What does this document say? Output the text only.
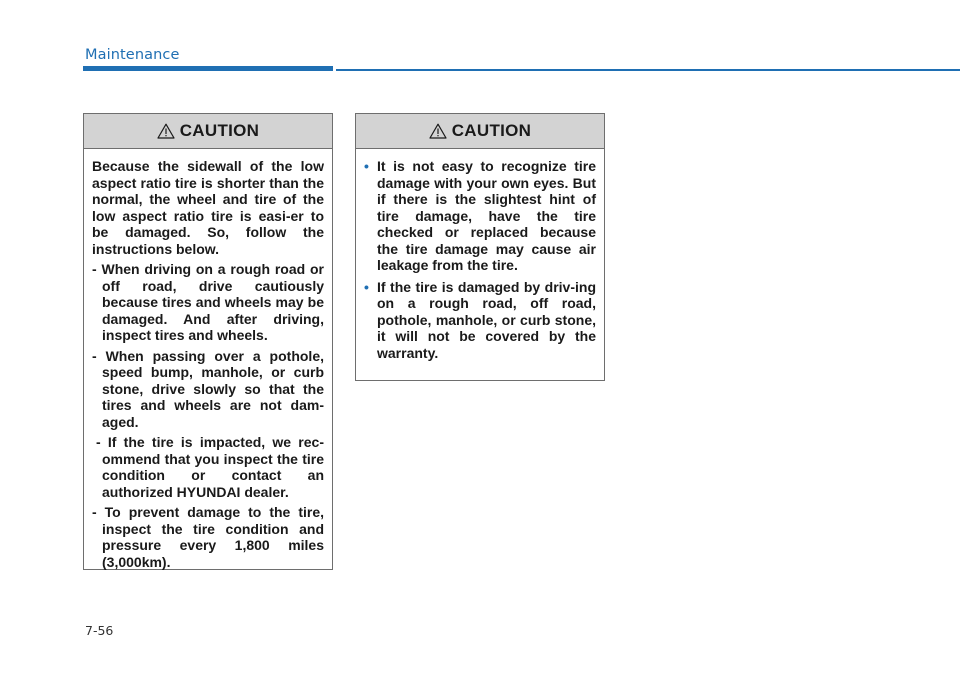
Maintenance
CAUTION

Because the sidewall of the low aspect ratio tire is shorter than the normal, the wheel and tire of the low aspect ratio tire is easi-er to be damaged. So, follow the instructions below.

- When driving on a rough road or off road, drive cautiously because tires and wheels may be damaged. And after driving, inspect tires and wheels.

- When passing over a pothole, speed bump, manhole, or curb stone, drive slowly so that the tires and wheels are not dam-aged.

- If the tire is impacted, we rec-ommend that you inspect the tire condition or contact an authorized HYUNDAI dealer.

- To prevent damage to the tire, inspect the tire condition and pressure every 1,800 miles (3,000km).

CAUTION
• It is not easy to recognize tire damage with your own eyes. But if there is the slightest hint of tire damage, have the tire checked or replaced because the tire damage may cause air leakage from the tire.
• If the tire is damaged by driv-ing on a rough road, off road, pothole, manhole, or curb stone, it will not be covered by the warranty.
7-56
